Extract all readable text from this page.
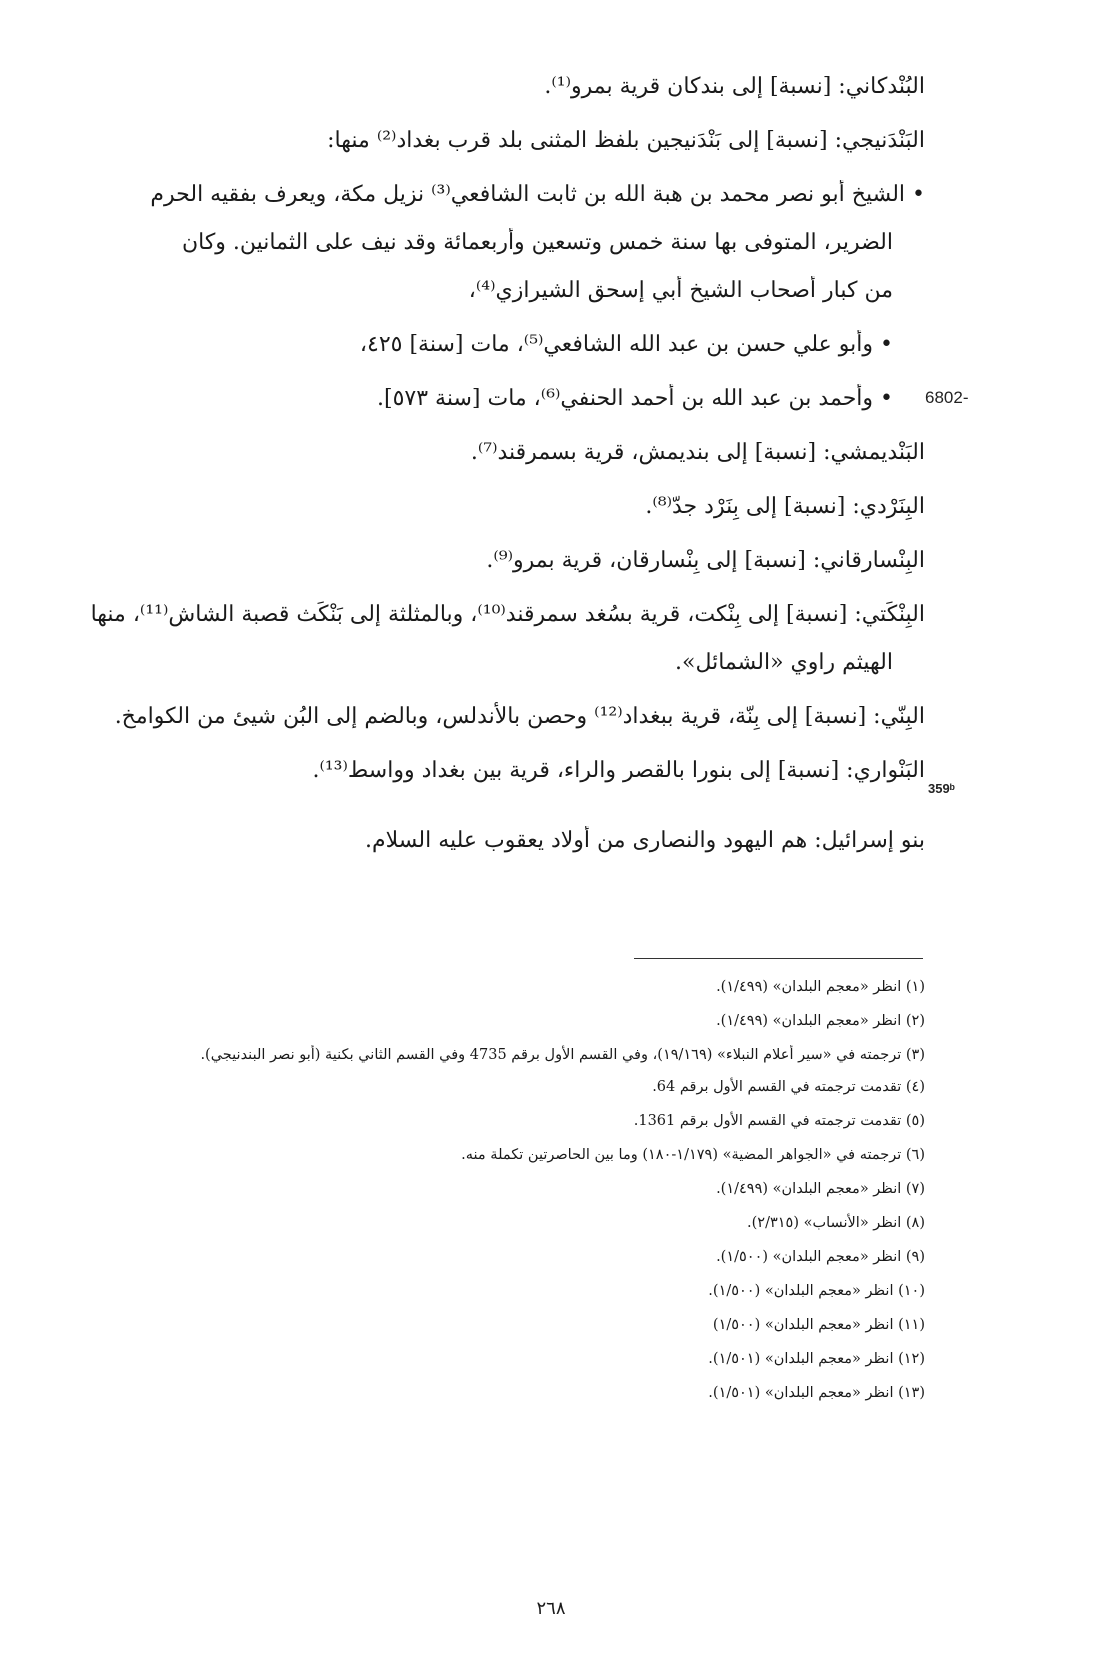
البُنْدكاني: [نسبة] إلى بندكان قرية بمرو⁽¹⁾.
البَنْدَنيجي: [نسبة] إلى بَنْدَنيجين بلفظ المثنى بلد قرب بغداد⁽²⁾ منها:
• الشيخ أبو نصر محمد بن هبة الله بن ثابت الشافعي⁽³⁾ نزيل مكة، ويعرف بفقيه الحرم
الضرير، المتوفى بها سنة خمس وتسعين وأربعمائة وقد نيف على الثمانين. وكان
من كبار أصحاب الشيخ أبي إسحق الشيرازي⁽⁴⁾،
• وأبو علي حسن بن عبد الله الشافعي⁽⁵⁾، مات [سنة] ٤٢٥،
• وأحمد بن عبد الله بن أحمد الحنفي⁽⁶⁾، مات [سنة ٥٧٣].
البَنْديمشي: [نسبة] إلى بنديمش، قرية بسمرقند⁽⁷⁾.
البِنَرْدي: [نسبة] إلى بِنَرْد جدّ⁽⁸⁾.
البِنْسارقاني: [نسبة] إلى بِنْسارقان، قرية بمرو⁽⁹⁾.
البِنْكَتي: [نسبة] إلى بِنْكت، قرية بسُغد سمرقند⁽¹⁰⁾، وبالمثلثة إلى بَنْكَث قصبة الشاش⁽¹¹⁾، منها
الهيثم راوي «الشمائل».
البِنّي: [نسبة] إلى بِنّة، قرية ببغداد⁽¹²⁾ وحصن بالأندلس، وبالضم إلى البُن شيئ من الكوامخ.
البَنْواري: [نسبة] إلى بنورا بالقصر والراء، قرية بين بغداد وواسط⁽¹³⁾.
بنو إسرائيل: هم اليهود والنصارى من أولاد يعقوب عليه السلام.
6802-
359ᵇ
(١) انظر «معجم البلدان» (١/٤٩٩).
(٢) انظر «معجم البلدان» (١/٤٩٩).
(٣) ترجمته في «سير أعلام النبلاء» (١٩/١٦٩)، وفي القسم الأول برقم 4735 وفي القسم الثاني بكنية (أبو نصر البندنيجي).
(٤) تقدمت ترجمته في القسم الأول برقم 64.
(٥) تقدمت ترجمته في القسم الأول برقم 1361.
(٦) ترجمته في «الجواهر المضية» (١/١٧٩-١٨٠) وما بين الحاصرتين تكملة منه.
(٧) انظر «معجم البلدان» (١/٤٩٩).
(٨) انظر «الأنساب» (٢/٣١٥).
(٩) انظر «معجم البلدان» (١/٥٠٠).
(١٠) انظر «معجم البلدان» (١/٥٠٠).
(١١) انظر «معجم البلدان» (١/٥٠٠)
(١٢) انظر «معجم البلدان» (١/٥٠١).
(١٣) انظر «معجم البلدان» (١/٥٠١).
٢٦٨
